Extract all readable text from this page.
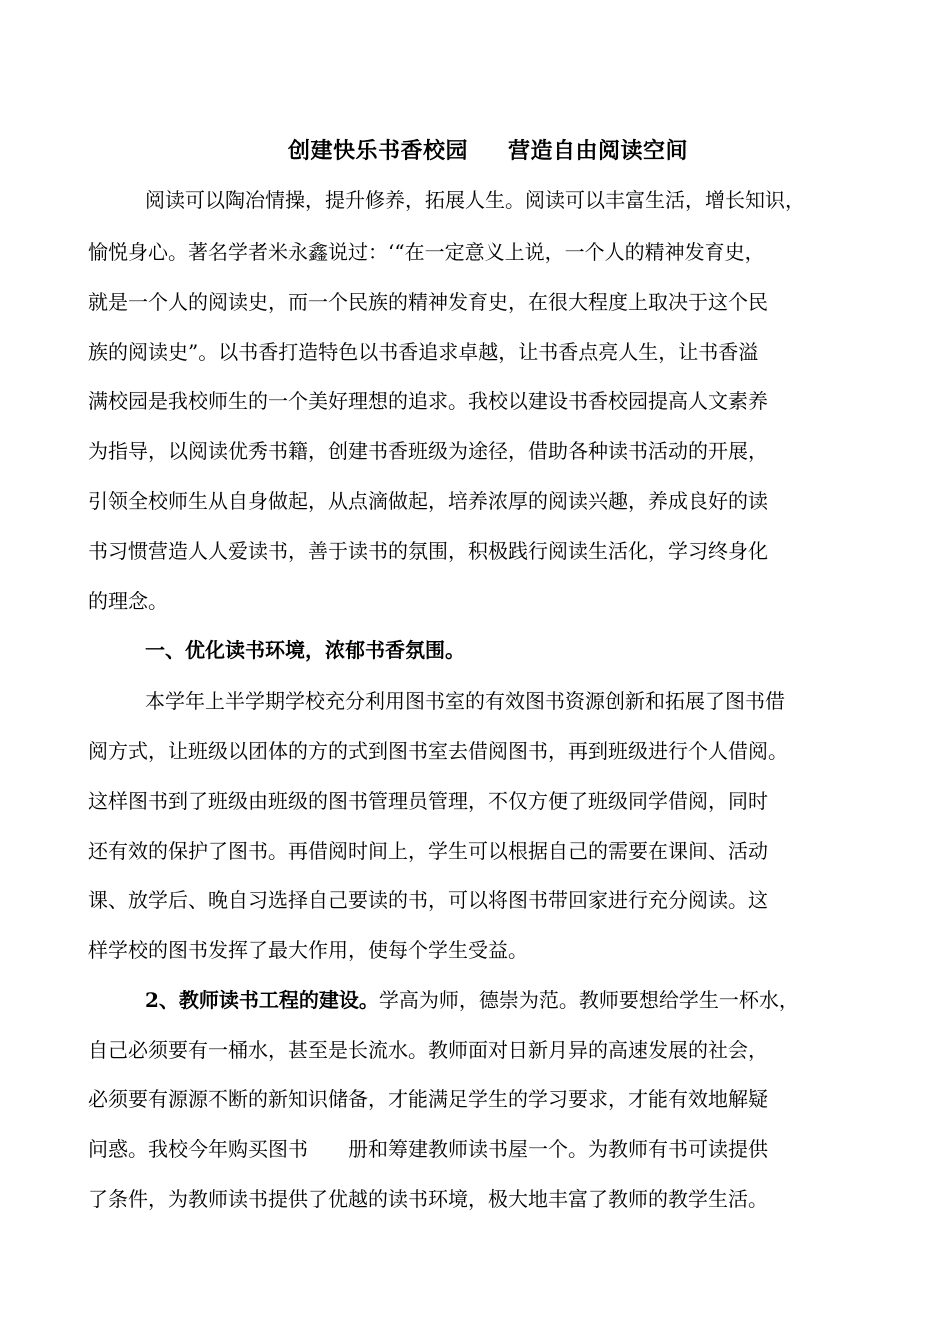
创建快乐书香校园 营造自由阅读空间
阅读可以陶冶情操，提升修养，拓展人生。阅读可以丰富生活，增长知识，
愉悦身心。著名学者米永鑫说过：‘“在一定意义上说，一个人的精神发育史，
就是一个人的阅读史，而一个民族的精神发育史，在很大程度上取决于这个民
族的阅读史”。以书香打造特色以书香追求卓越，让书香点亮人生，让书香溢
满校园是我校师生的一个美好理想的追求。我校以建设书香校园提高人文素养
为指导，以阅读优秀书籍，创建书香班级为途径，借助各种读书活动的开展，
引领全校师生从自身做起，从点滴做起，培养浓厚的阅读兴趣，养成良好的读
书习惯营造人人爱读书，善于读书的氛围，积极践行阅读生活化，学习终身化
的理念。
一、优化读书环境，浓郁书香氛围。
本学年上半学期学校充分利用图书室的有效图书资源创新和拓展了图书借
阅方式，让班级以团体的方的式到图书室去借阅图书，再到班级进行个人借阅。
这样图书到了班级由班级的图书管理员管理，不仅方便了班级同学借阅，同时
还有效的保护了图书。再借阅时间上，学生可以根据自己的需要在课间、活动
课、放学后、晚自习选择自己要读的书，可以将图书带回家进行充分阅读。这
样学校的图书发挥了最大作用，使每个学生受益。
2、教师读书工程的建设。学高为师，德崇为范。教师要想给学生一杯水，
自己必须要有一桶水，甚至是长流水。教师面对日新月异的高速发展的社会，
必须要有源源不断的新知识储备，才能满足学生的学习要求，才能有效地解疑
问惑。我校今年购买图书 册和筹建教师读书屋一个。为教师有书可读提供
了条件，为教师读书提供了优越的读书环境，极大地丰富了教师的教学生活。
